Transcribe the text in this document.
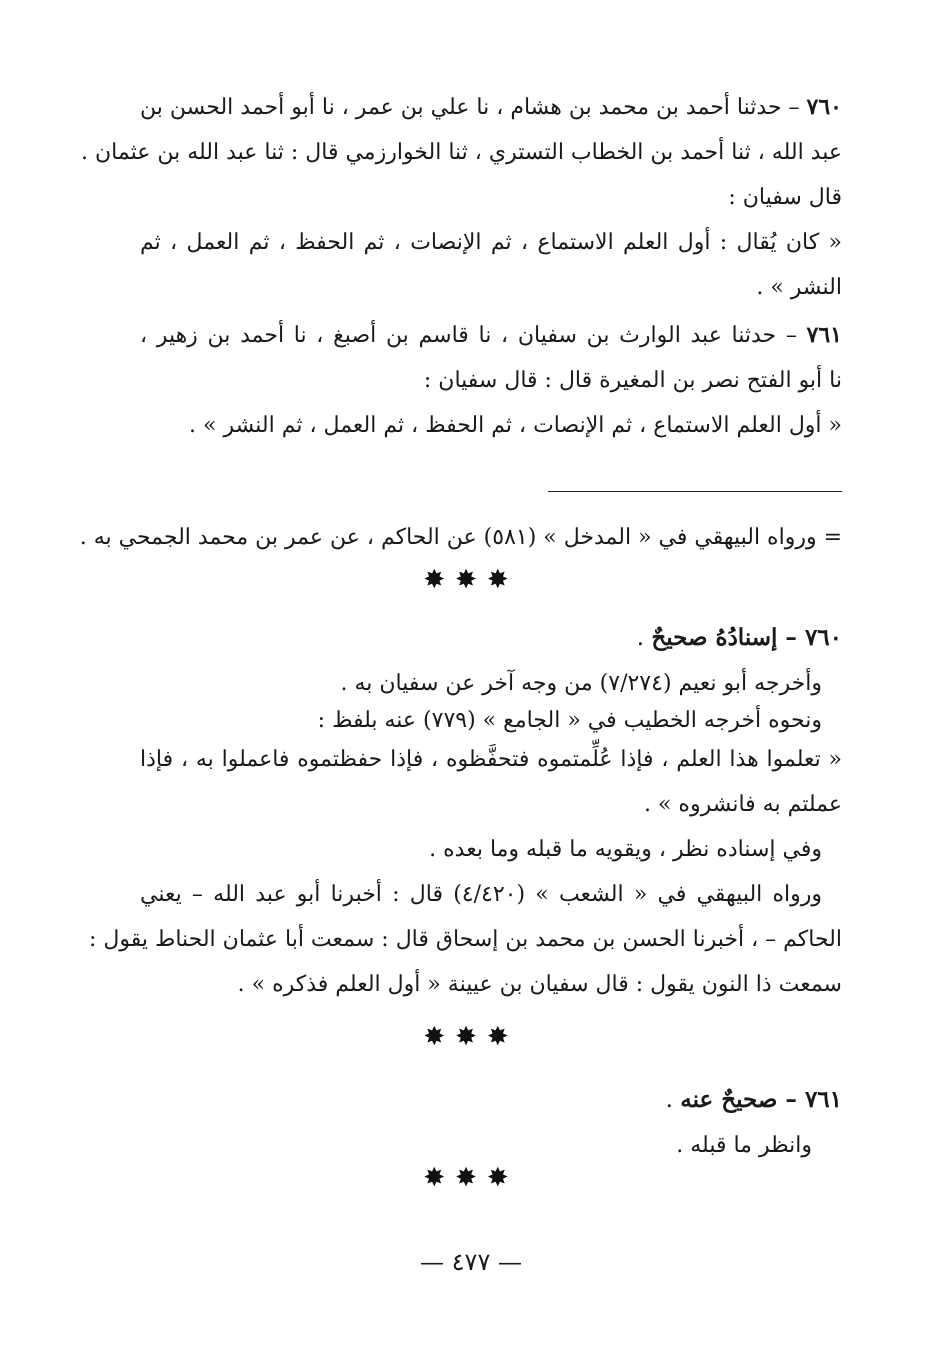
٧٦٠ – حدثنا أحمد بن محمد بن هشام ، نا علي بن عمر ، نا أبو أحمد الحسن بن
عبد الله ، ثنا أحمد بن الخطاب التستري ، ثنا الخوارزمي قال : ثنا عبد الله بن عثمان .
قال سفيان :
« كان يُقال : أول العلم الاستماع ، ثم الإنصات ، ثم الحفظ ، ثم العمل ، ثم
النشر » .
٧٦١ – حدثنا عبد الوارث بن سفيان ، نا قاسم بن أصبغ ، نا أحمد بن زهير ،
نا أبو الفتح نصر بن المغيرة قال : قال سفيان :
« أول العلم الاستماع ، ثم الإنصات ، ثم الحفظ ، ثم العمل ، ثم النشر » .
= ورواه البيهقي في « المدخل » (٥٨١) عن الحاكم ، عن عمر بن محمد الجمحي به .
✸✸✸
٧٦٠ – إسنادُهُ صحيحٌ .
وأخرجه أبو نعيم (٧/٢٧٤) من وجه آخر عن سفيان به .
ونحوه أخرجه الخطيب في « الجامع » (٧٧٩) عنه بلفظ :
« تعلموا هذا العلم ، فإذا عُلِّمتموه فتحفَّظوه ، فإذا حفظتموه فاعملوا به ، فإذا
عملتم به فانشروه » .
وفي إسناده نظر ، ويقويه ما قبله وما بعده .
ورواه البيهقي في « الشعب » (٤/٤٢٠) قال : أخبرنا أبو عبد الله – يعني
الحاكم – ، أخبرنا الحسن بن محمد بن إسحاق قال : سمعت أبا عثمان الحناط يقول :
سمعت ذا النون يقول : قال سفيان بن عيينة « أول العلم فذكره » .
✸✸✸
٧٦١ – صحيحٌ عنه .
وانظر ما قبله .
✸✸✸
— ٤٧٧ —
